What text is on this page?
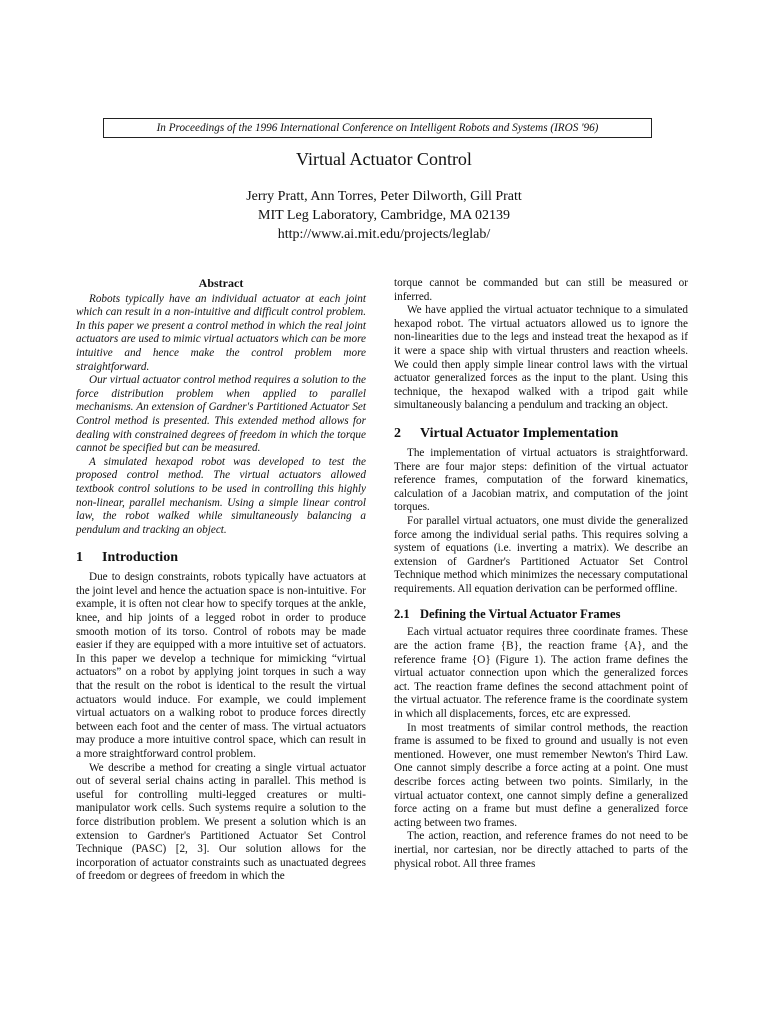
In Proceedings of the 1996 International Conference on Intelligent Robots and Systems (IROS '96)
Virtual Actuator Control
Jerry Pratt, Ann Torres, Peter Dilworth, Gill Pratt
MIT Leg Laboratory, Cambridge, MA 02139
http://www.ai.mit.edu/projects/leglab/
Abstract

Robots typically have an individual actuator at each joint which can result in a non-intuitive and difficult control problem. In this paper we present a control method in which the real joint actuators are used to mimic virtual actuators which can be more intuitive and hence make the control problem more straightforward.

Our virtual actuator control method requires a solution to the force distribution problem when applied to parallel mechanisms. An extension of Gardner's Partitioned Actuator Set Control method is presented. This extended method allows for dealing with constrained degrees of freedom in which the torque cannot be specified but can be measured.

A simulated hexapod robot was developed to test the proposed control method. The virtual actuators allowed textbook control solutions to be used in controlling this highly non-linear, parallel mechanism. Using a simple linear control law, the robot walked while simultaneously balancing a pendulum and tracking an object.

1 Introduction

Due to design constraints, robots typically have actuators at the joint level and hence the actuation space is non-intuitive. For example, it is often not clear how to specify torques at the ankle, knee, and hip joints of a legged robot in order to produce smooth motion of its torso. Control of robots may be made easier if they are equipped with a more intuitive set of actuators. In this paper we develop a technique for mimicking “virtual actuators” on a robot by applying joint torques in such a way that the result on the robot is identical to the result the virtual actuators would induce. For example, we could implement virtual actuators on a walking robot to produce forces directly between each foot and the center of mass. The virtual actuators may produce a more intuitive control space, which can result in a more straightforward control problem.

We describe a method for creating a single virtual actuator out of several serial chains acting in parallel. This method is useful for controlling multi-legged creatures or multi-manipulator work cells. Such systems require a solution to the force distribution problem. We present a solution which is an extension to Gardner's Partitioned Actuator Set Control Technique (PASC) [2, 3]. Our solution allows for the incorporation of actuator constraints such as unactuated degrees of freedom or degrees of freedom in which the

torque cannot be commanded but can still be measured or inferred.

We have applied the virtual actuator technique to a simulated hexapod robot. The virtual actuators allowed us to ignore the non-linearities due to the legs and instead treat the hexapod as if it were a space ship with virtual thrusters and reaction wheels. We could then apply simple linear control laws with the virtual actuator generalized forces as the input to the plant. Using this technique, the hexapod walked with a tripod gait while simultaneously balancing a pendulum and tracking an object.

2 Virtual Actuator Implementation

The implementation of virtual actuators is straightforward. There are four major steps: definition of the virtual actuator reference frames, computation of the forward kinematics, calculation of a Jacobian matrix, and computation of the joint torques.

For parallel virtual actuators, one must divide the generalized force among the individual serial paths. This requires solving a system of equations (i.e. inverting a matrix). We describe an extension of Gardner's Partitioned Actuator Set Control Technique method which minimizes the necessary computational requirements. All equation derivation can be performed offline.

2.1 Defining the Virtual Actuator Frames

Each virtual actuator requires three coordinate frames. These are the action frame {B}, the reaction frame {A}, and the reference frame {O} (Figure 1). The action frame defines the virtual actuator connection upon which the generalized forces act. The reaction frame defines the second attachment point of the virtual actuator. The reference frame is the coordinate system in which all displacements, forces, etc are expressed.

In most treatments of similar control methods, the reaction frame is assumed to be fixed to ground and usually is not even mentioned. However, one must remember Newton's Third Law. One cannot simply describe a force acting at a point. One must describe forces acting between two points. Similarly, in the virtual actuator context, one cannot simply define a generalized force acting on a frame but must define a generalized force acting between two frames.

The action, reaction, and reference frames do not need to be inertial, nor cartesian, nor be directly attached to parts of the physical robot. All three frames
